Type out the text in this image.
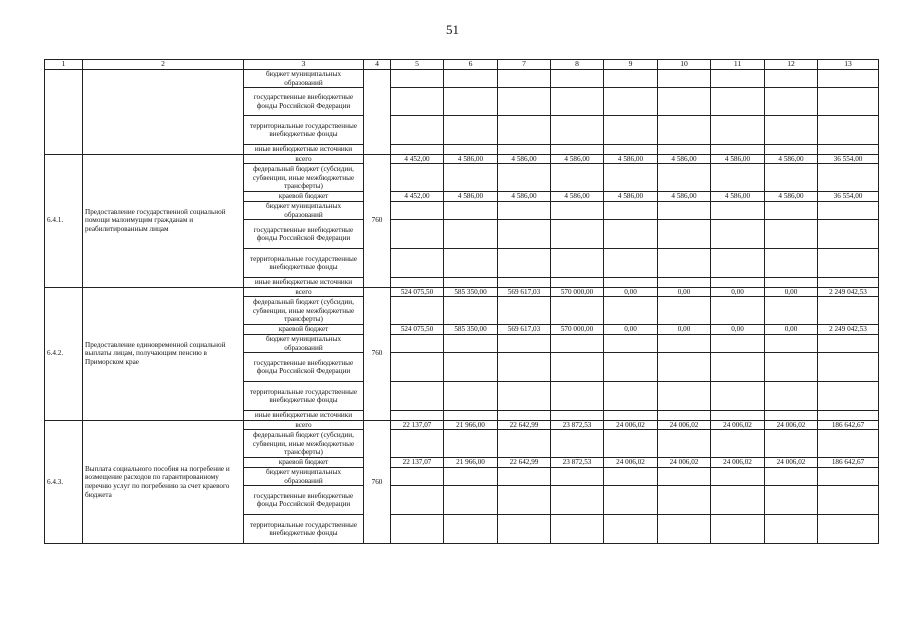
51
1	2	3	4	5	6	7	8	9	10	11	12	13
		бюджет муниципальных образований										
		государственные внебюджетные фонды Российской Федерации										
		территориальные государственные внебюджетные фонды										
		иные внебюджетные источники										
6.4.1.	Предоставление государственной социальной помощи малоимущим гражданам и реабилитированным лицам	всего	760	4 452,00	4 586,00	4 586,00	4 586,00	4 586,00	4 586,00	4 586,00	4 586,00	36 554,00
		федеральный бюджет (субсидии, субвенции, иные межбюджетные трансферты)										
		краевой бюджет		4 452,00	4 586,00	4 586,00	4 586,00	4 586,00	4 586,00	4 586,00	4 586,00	36 554,00
		бюджет муниципальных образований										
		государственные внебюджетные фонды Российской Федерации										
		территориальные государственные внебюджетные фонды										
		иные внебюджетные источники										
6.4.2.	Предоставление единовременной социальной выплаты лицам, получающим пенсию в Приморском крае	всего	760	524 075,50	585 350,00	569 617,03	570 000,00	0,00	0,00	0,00	0,00	2 249 042,53
		федеральный бюджет (субсидии, субвенции, иные межбюджетные трансферты)										
		краевой бюджет		524 075,50	585 350,00	569 617,03	570 000,00	0,00	0,00	0,00	0,00	2 249 042,53
		бюджет муниципальных образований										
		государственные внебюджетные фонды Российской Федерации										
		территориальные государственные внебюджетные фонды										
		иные внебюджетные источники										
6.4.3.	Выплата социального пособия на погребение и возмещение расходов по гарантированному перечню услуг по погребению за счет краевого бюджета	всего	760	22 137,07	21 966,00	22 642,99	23 872,53	24 006,02	24 006,02	24 006,02	24 006,02	186 642,67
		федеральный бюджет (субсидии, субвенции, иные межбюджетные трансферты)										
		краевой бюджет		22 137,07	21 966,00	22 642,99	23 872,53	24 006,02	24 006,02	24 006,02	24 006,02	186 642,67
		бюджет муниципальных образований										
		государственные внебюджетные фонды Российской Федерации										
		территориальные государственные внебюджетные фонды										
